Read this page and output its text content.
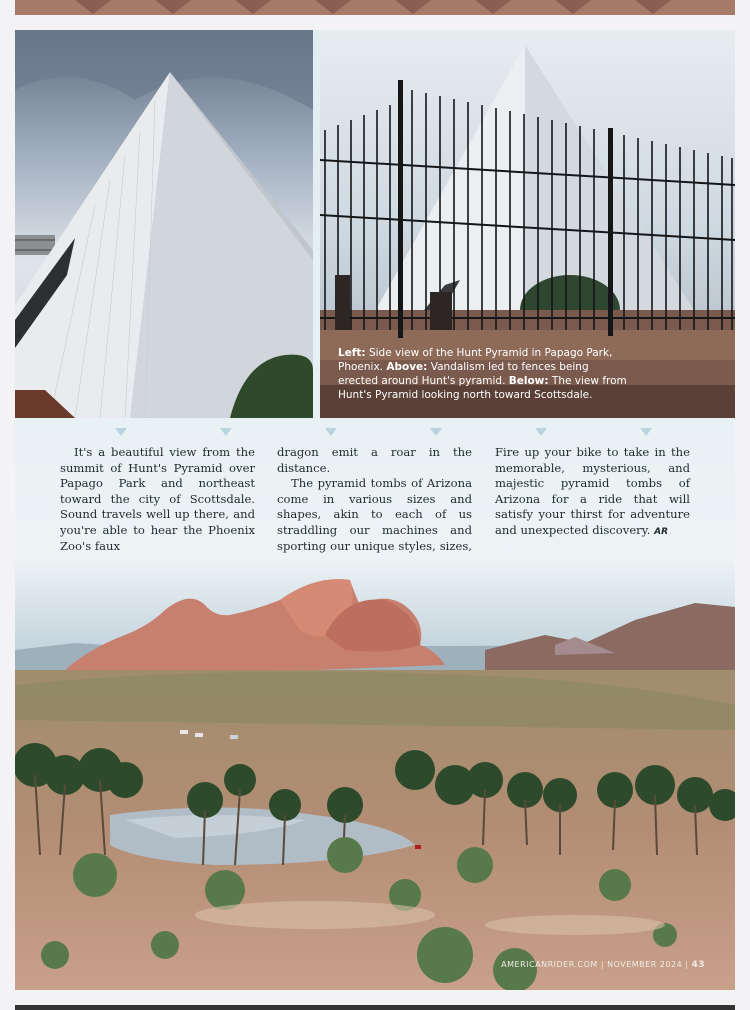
Left: Side view of the Hunt Pyramid in Papago Park, Phoenix. Above: Vandalism led to fences being erected around Hunt's pyramid. Below: The view from Hunt's Pyramid looking north toward Scottsdale.

It's a beautiful view from the summit of Hunt's Pyramid over Papago Park and northeast toward the city of Scottsdale. Sound travels well up there, and you're able to hear the Phoenix Zoo's faux

dragon emit a roar in the distance.

The pyramid tombs of Arizona come in various sizes and shapes, akin to each of us straddling our machines and sporting our unique styles, sizes,

Fire up your bike to take in the memorable, mysterious, and majestic pyramid tombs of Arizona for a ride that will satisfy your thirst for adventure and unexpected discovery. AR

AMERICANRIDER.COM | NOVEMBER 2024 | 43
